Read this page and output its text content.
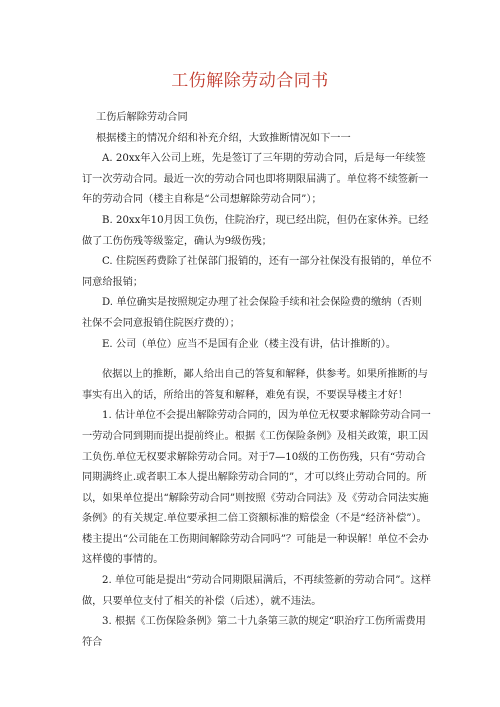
工伤解除劳动合同书

工伤后解除劳动合同

根据楼主的情况介绍和补充介绍，大致推断情况如下一一

A. 20xx年入公司上班，先是签订了三年期的劳动合同，后是每一年续签订一次劳动合同。最近一次的劳动合同也即将期限届满了。单位将不续签新一年的劳动合同（楼主自称是“公司想解除劳动合同”）；

B. 20xx年10月因工负伤，住院治疗，现已经出院，但仍在家休养。已经做了工伤伤残等级鉴定，确认为9级伤残；

C. 住院医药费除了社保部门报销的，还有一部分社保没有报销的，单位不同意给报销；

D. 单位确实是按照规定办理了社会保险手续和社会保险费的缴纳（否则社保不会同意报销住院医疗费的）；

E. 公司（单位）应当不是国有企业（楼主没有讲，估计推断的）。

依据以上的推断，鄙人给出自己的答复和解释，供参考。如果所推断的与事实有出入的话，所给出的答复和解释，难免有误，不要误导楼主才好！

1. 估计单位不会提出解除劳动合同的，因为单位无权要求解除劳动合同一一劳动合同到期而提出提前终止。根据《工伤保险条例》及相关政策，职工因工负伤.单位无权要求解除劳动合同。对于7—10级的工伤伤残，只有“劳动合同期满终止.或者职工本人提出解除劳动合同的”，才可以终止劳动合同的。所以，如果单位提出“解除劳动合同”则按照《劳动合同法》及《劳动合同法实施条例》的有关规定.单位要承担二倍工资额标准的赔偿金（不是“经济补偿”）。楼主提出“公司能在工伤期间解除劳动合同吗”？可能是一种误解！单位不会办这样傻的事情的。

2. 单位可能是提出“劳动合同期限届满后，不再续签新的劳动合同”。这样做，只要单位支付了相关的补偿（后述），就不违法。

3. 根据《工伤保险条例》第二十九条第三款的规定“职治疗工伤所需费用符合
